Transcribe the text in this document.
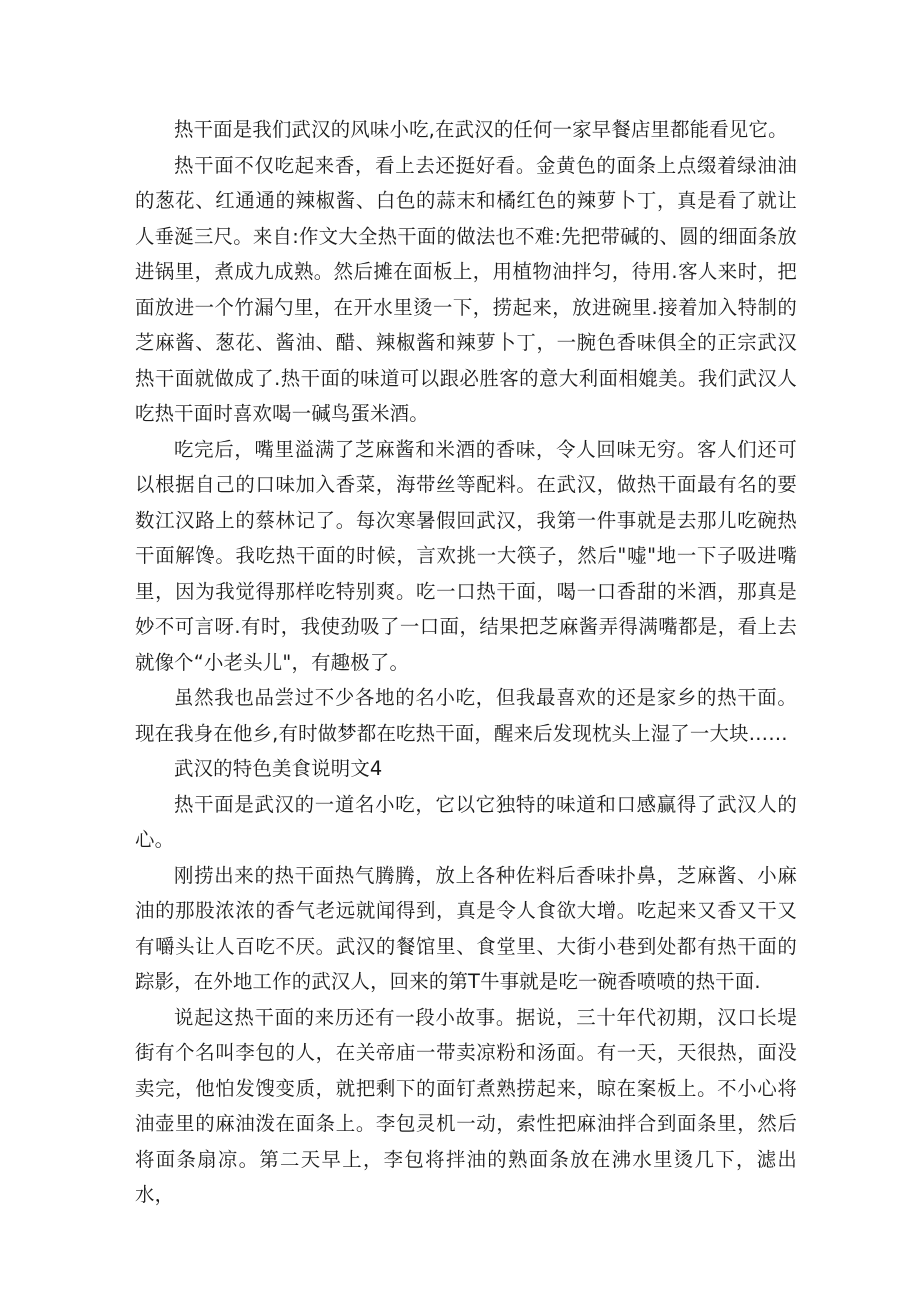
热干面是我们武汉的风味小吃,在武汉的任何一家早餐店里都能看见它。

热干面不仅吃起来香，看上去还挺好看。金黄色的面条上点缀着绿油油的葱花、红通通的辣椒酱、白色的蒜末和橘红色的辣萝卜丁，真是看了就让人垂涎三尺。来自:作文大全热干面的做法也不难:先把带碱的、圆的细面条放进锅里，煮成九成熟。然后摊在面板上，用植物油拌匀，待用.客人来时，把面放进一个竹漏勺里，在开水里烫一下，捞起来，放进碗里.接着加入特制的芝麻酱、葱花、酱油、醋、辣椒酱和辣萝卜丁，一腕色香味俱全的正宗武汉热干面就做成了.热干面的味道可以跟必胜客的意大利面相媲美。我们武汉人吃热干面时喜欢喝一碱鸟蛋米酒。

吃完后，嘴里溢满了芝麻酱和米酒的香味，令人回味无穷。客人们还可以根据自己的口味加入香菜，海带丝等配料。在武汉，做热干面最有名的要数江汉路上的蔡林记了。每次寒暑假回武汉，我第一件事就是去那儿吃碗热干面解馋。我吃热干面的时候，言欢挑一大筷子，然后"嘘"地一下子吸进嘴里，因为我觉得那样吃特别爽。吃一口热干面，喝一口香甜的米酒，那真是妙不可言呀.有时，我使劲吸了一口面，结果把芝麻酱弄得满嘴都是，看上去就像个“小老头儿"，有趣极了。

虽然我也品尝过不少各地的名小吃，但我最喜欢的还是家乡的热干面。现在我身在他乡,有时做梦都在吃热干面，醒来后发现枕头上湿了一大块……

武汉的特色美食说明文4

热干面是武汉的一道名小吃，它以它独特的味道和口感赢得了武汉人的心。

刚捞出来的热干面热气腾腾，放上各种佐料后香味扑鼻，芝麻酱、小麻油的那股浓浓的香气老远就闻得到，真是令人食欲大增。吃起来又香又干又有嚼头让人百吃不厌。武汉的餐馆里、食堂里、大街小巷到处都有热干面的踪影，在外地工作的武汉人，回来的第T牛事就是吃一碗香喷喷的热干面.

说起这热干面的来历还有一段小故事。据说，三十年代初期，汉口长堤街有个名叫李包的人，在关帝庙一带卖凉粉和汤面。有一天，天很热，面没卖完，他怕发馊变质，就把剩下的面钉煮熟捞起来，晾在案板上。不小心将油壶里的麻油泼在面条上。李包灵机一动，索性把麻油拌合到面条里，然后将面条扇凉。第二天早上，李包将拌油的熟面条放在沸水里烫几下，滤出水，
